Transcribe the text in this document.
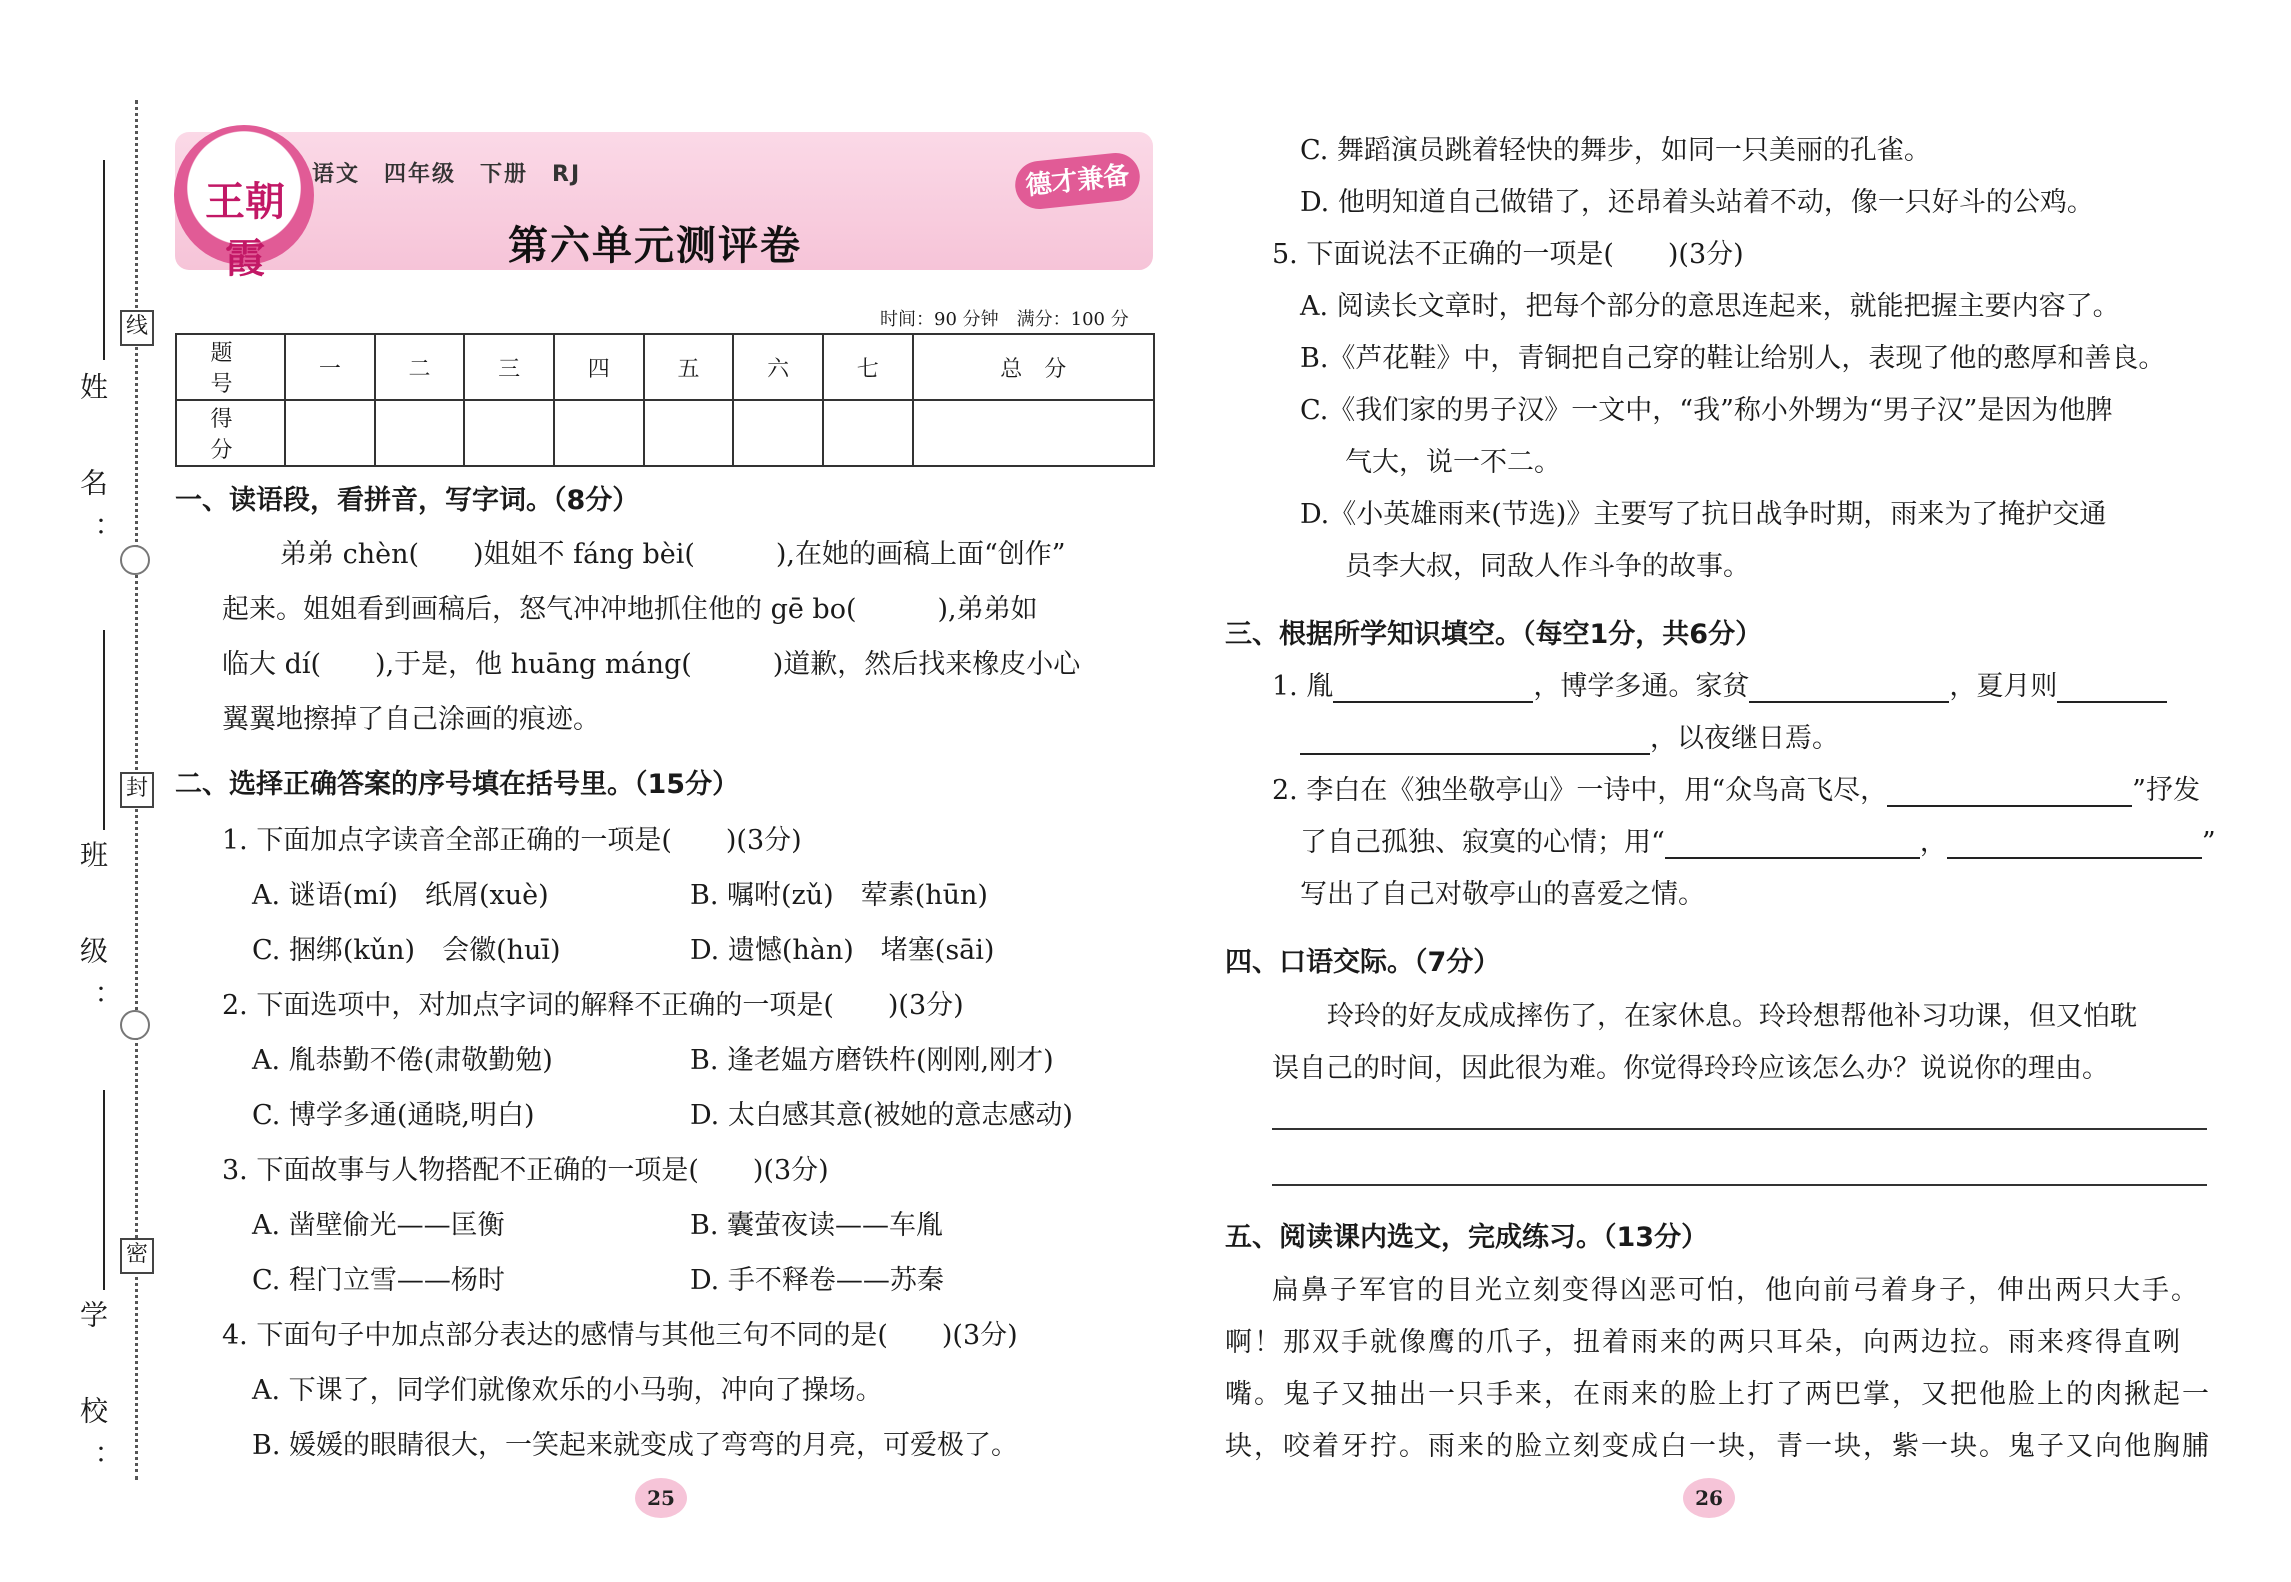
姓　名：
班　级：
学　校：
线
封
密
王朝霞
语文　四年级　下册　RJ	德才兼备
第六单元测评卷
时间：90 分钟　满分：100 分
题　号	一	二	三	四	五	六	七	总　分
得　分								
一、读语段，看拼音，写字词。（8分）
弟弟 chèn(　　)姐姐不 fáng bèi(　　　),在她的画稿上面“创作”
起来。姐姐看到画稿后，怒气冲冲地抓住他的 gē bo(　　　),弟弟如
临大 dí(　　),于是，他 huāng máng(　　　)道歉，然后找来橡皮小心
翼翼地擦掉了自己涂画的痕迹。
二、选择正确答案的序号填在括号里。（15分）
1. 下面加点字读音全部正确的一项是(　　)(3分)
A. 谜语(mí)　纸屑(xuè)	B. 嘱咐(zǔ)　荤素(hūn)
C. 捆绑(kǔn)　会徽(huī)	D. 遗憾(hàn)　堵塞(sāi)
2. 下面选项中，对加点字词的解释不正确的一项是(　　)(3分)
A. 胤恭勤不倦(肃敬勤勉)	B. 逢老媪方磨铁杵(刚刚,刚才)
C. 博学多通(通晓,明白)	D. 太白感其意(被她的意志感动)
3. 下面故事与人物搭配不正确的一项是(　　)(3分)
A. 凿壁偷光——匡衡	B. 囊萤夜读——车胤
C. 程门立雪——杨时	D. 手不释卷——苏秦
4. 下面句子中加点部分表达的感情与其他三句不同的是(　　)(3分)
A. 下课了，同学们就像欢乐的小马驹，冲向了操场。
B. 媛媛的眼睛很大，一笑起来就变成了弯弯的月亮，可爱极了。
25
C. 舞蹈演员跳着轻快的舞步，如同一只美丽的孔雀。
D. 他明知道自己做错了，还昂着头站着不动，像一只好斗的公鸡。
5. 下面说法不正确的一项是(　　)(3分)
A. 阅读长文章时，把每个部分的意思连起来，就能把握主要内容了。
B.《芦花鞋》中，青铜把自己穿的鞋让给别人，表现了他的憨厚和善良。
C.《我们家的男子汉》一文中，“我”称小外甥为“男子汉”是因为他脾
气大，说一不二。
D.《小英雄雨来(节选)》主要写了抗日战争时期，雨来为了掩护交通
员李大叔，同敌人作斗争的故事。
三、根据所学知识填空。（每空1分，共6分）
1. 胤	，博学多通。家贫	，夏月则
，以夜继日焉。
2. 李白在《独坐敬亭山》一诗中，用“众鸟高飞尽，	”抒发
了自己孤独、寂寞的心情；用“	，	”
写出了自己对敬亭山的喜爱之情。
四、口语交际。（7分）
玲玲的好友成成摔伤了，在家休息。玲玲想帮他补习功课，但又怕耽
误自己的时间，因此很为难。你觉得玲玲应该怎么办？说说你的理由。
五、阅读课内选文，完成练习。（13分）
扁鼻子军官的目光立刻变得凶恶可怕，他向前弓着身子，伸出两只大手。
啊！那双手就像鹰的爪子，扭着雨来的两只耳朵，向两边拉。雨来疼得直咧
嘴。鬼子又抽出一只手来，在雨来的脸上打了两巴掌，又把他脸上的肉揪起一
块，咬着牙拧。雨来的脸立刻变成白一块，青一块，紫一块。鬼子又向他胸脯
26
